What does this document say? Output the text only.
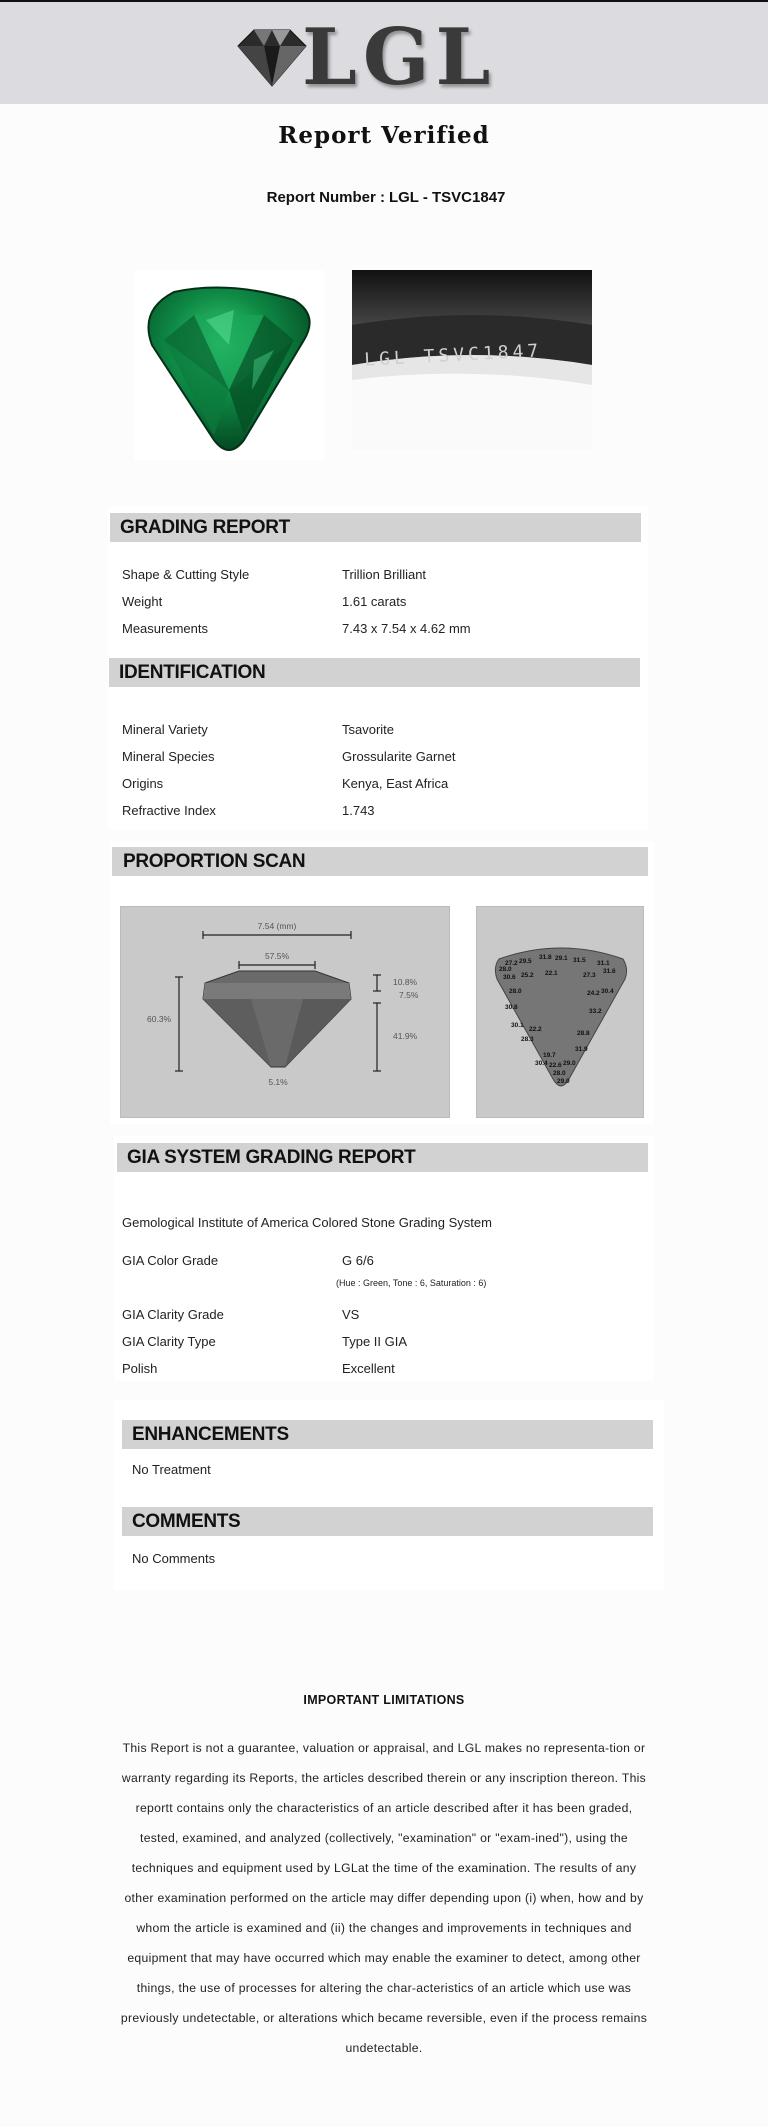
LGL
Report Verified
Report Number : LGL - TSVC1847
LGL TSVC1847
GRADING REPORT
Shape & Cutting Style	Trillion Brilliant
Weight	1.61 carats
Measurements	7.43 x 7.54 x 4.62 mm
IDENTIFICATION
Mineral Variety	Tsavorite
Mineral Species	Grossularite Garnet
Origins	Kenya, East Africa
Refractive Index	1.743
PROPORTION SCAN
7.54 (mm)
57.5%
60.3%
10.8%
7.5%
41.9%
5.1%
27.2 29.5
31.8 29.1 31.5 31.1
28.0
25.2 22.1	27.3
31.6
30.6
28.0	24.2 30.4
30.8
33.2
30.1
22.2
28.8
28.3
19.7
31.9
30.4 22.6 29.0
28.0
29.0
GIA SYSTEM GRADING REPORT
Gemological Institute of America Colored Stone Grading System
GIA Color Grade	G 6/6
(Hue : Green, Tone : 6, Saturation : 6)
GIA Clarity Grade	VS
GIA Clarity Type	Type II GIA
Polish	Excellent
ENHANCEMENTS
No Treatment
COMMENTS
No Comments
IMPORTANT LIMITATIONS
This Report is not a guarantee, valuation or appraisal, and LGL makes no representa-tion or warranty regarding its Reports, the articles described therein or any inscription thereon. This reportt contains only the characteristics of an article described after it has been graded, tested, examined, and analyzed (collectively, "examination" or "exam-ined"), using the techniques and equipment used by LGLat the time of the examination. The results of any other examination performed on the article may differ depending upon (i) when, how and by whom the article is examined and (ii) the changes and improvements in techniques and equipment that may have occurred which may enable the examiner to detect, among other things, the use of processes for altering the char-acteristics of an article which use was previously undetectable, or alterations which became reversible, even if the process remains undetectable.
